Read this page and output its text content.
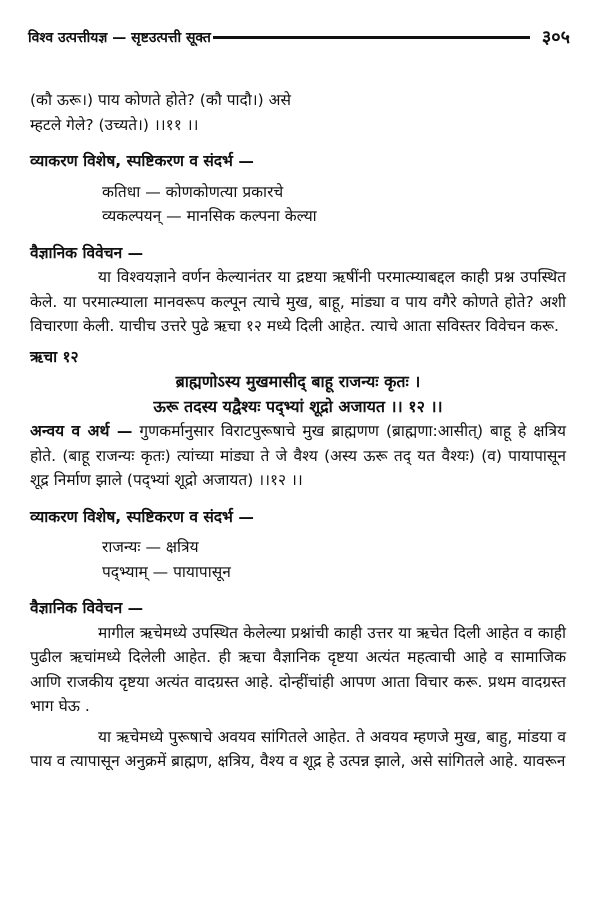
विश्व उत्पत्तीयज्ञ — सृष्टउत्पत्ती सूक्त	३०५

(कौ ऊरू।) पाय कोणते होते? (कौ पादौ।) असे

म्हटले गेले? (उच्यते।) ।।११ ।।

व्याकरण विशेष, स्पष्टिकरण व संदर्भ —

कतिधा — कोणकोणत्या प्रकारचे

व्यकल्पयन् — मानसिक कल्पना केल्या

वैज्ञानिक विवेचन —

या विश्वयज्ञाने वर्णन केल्यानंतर या द्रष्टया ऋषींनी परमात्म्याबद्दल काही प्रश्न उपस्थित केले. या परमात्म्याला मानवरूप कल्पून त्याचे मुख, बाहू, मांड्या व पाय वगैरे कोणते होते? अशी विचारणा केली. याचीच उत्तरे पुढे ऋचा १२ मध्ये दिली आहेत. त्याचे आता सविस्तर विवेचन करू.

ऋचा १२

ब्राह्मणोऽस्य मुखमासीद् बाहू राजन्यः कृतः ।

ऊरू तदस्य यद्वैश्यः पद्भ्यां शूद्रो अजायत ।। १२ ।।

अन्वय व अर्थ — गुणकर्मानुसार विराटपुरूषाचे मुख ब्राह्मणण (ब्राह्मणा:आसीत्) बाहू हे क्षत्रिय होते. (बाहू राजन्यः कृतः) त्यांच्या मांड्या ते जे वैश्य (अस्य ऊरू तद् यत वैश्यः) (व) पायापासून शूद्र निर्माण झाले (पद्भ्यां शूद्रो अजायत) ।।१२ ।।

व्याकरण विशेष, स्पष्टिकरण व संदर्भ —

राजन्यः — क्षत्रिय

पद्भ्याम् — पायापासून

वैज्ञानिक विवेचन —

मागील ऋचेमध्ये उपस्थित केलेल्या प्रश्नांची काही उत्तर या ऋचेत दिली आहेत व काही पुढील ऋचांमध्ये दिलेली आहेत. ही ऋचा वैज्ञानिक दृष्टया अत्यंत महत्वाची आहे व सामाजिक आणि राजकीय दृष्टया अत्यंत वादग्रस्त आहे. दोन्हींचांही आपण आता विचार करू. प्रथम वादग्रस्त भाग घेऊ .

या ऋचेमध्ये पुरूषाचे अवयव सांगितले आहेत. ते अवयव म्हणजे मुख, बाहु, मांडया व पाय व त्यापासून अनुक्रमें ब्राह्मण, क्षत्रिय, वैश्य व शूद्र हे उत्पन्न झाले, असे सांगितले आहे. यावरून
